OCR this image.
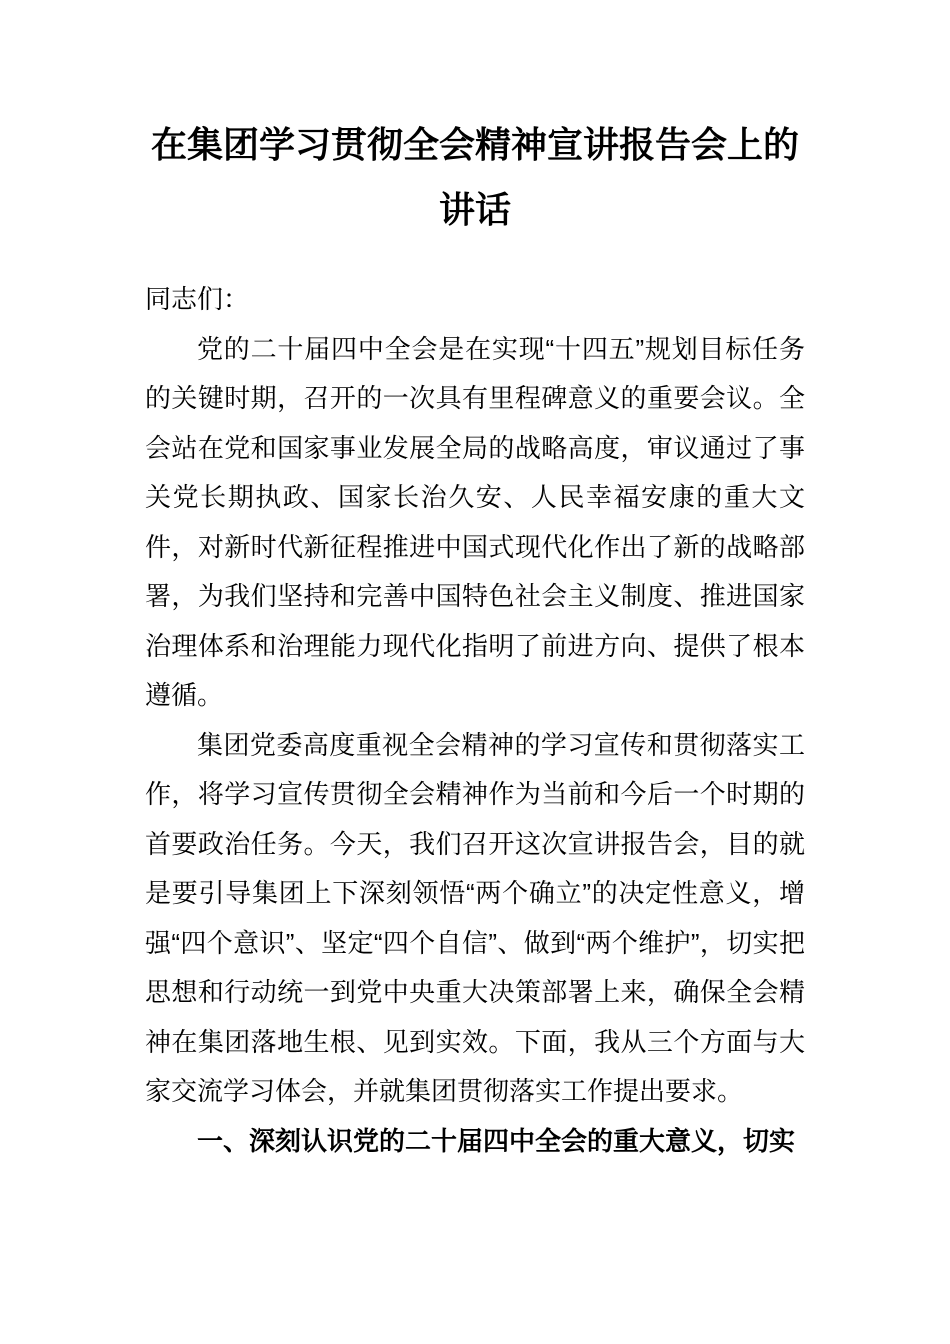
在集团学习贯彻全会精神宣讲报告会上的讲话

同志们：

党的二十届四中全会是在实现“十四五”规划目标任务的关键时期，召开的一次具有里程碑意义的重要会议。全会站在党和国家事业发展全局的战略高度，审议通过了事关党长期执政、国家长治久安、人民幸福安康的重大文件，对新时代新征程推进中国式现代化作出了新的战略部署，为我们坚持和完善中国特色社会主义制度、推进国家治理体系和治理能力现代化指明了前进方向、提供了根本遵循。

集团党委高度重视全会精神的学习宣传和贯彻落实工作，将学习宣传贯彻全会精神作为当前和今后一个时期的首要政治任务。今天，我们召开这次宣讲报告会，目的就是要引导集团上下深刻领悟“两个确立”的决定性意义，增强“四个意识”、坚定“四个自信”、做到“两个维护”，切实把思想和行动统一到党中央重大决策部署上来，确保全会精神在集团落地生根、见到实效。下面，我从三个方面与大家交流学习体会，并就集团贯彻落实工作提出要求。

一、深刻认识党的二十届四中全会的重大意义，切实
